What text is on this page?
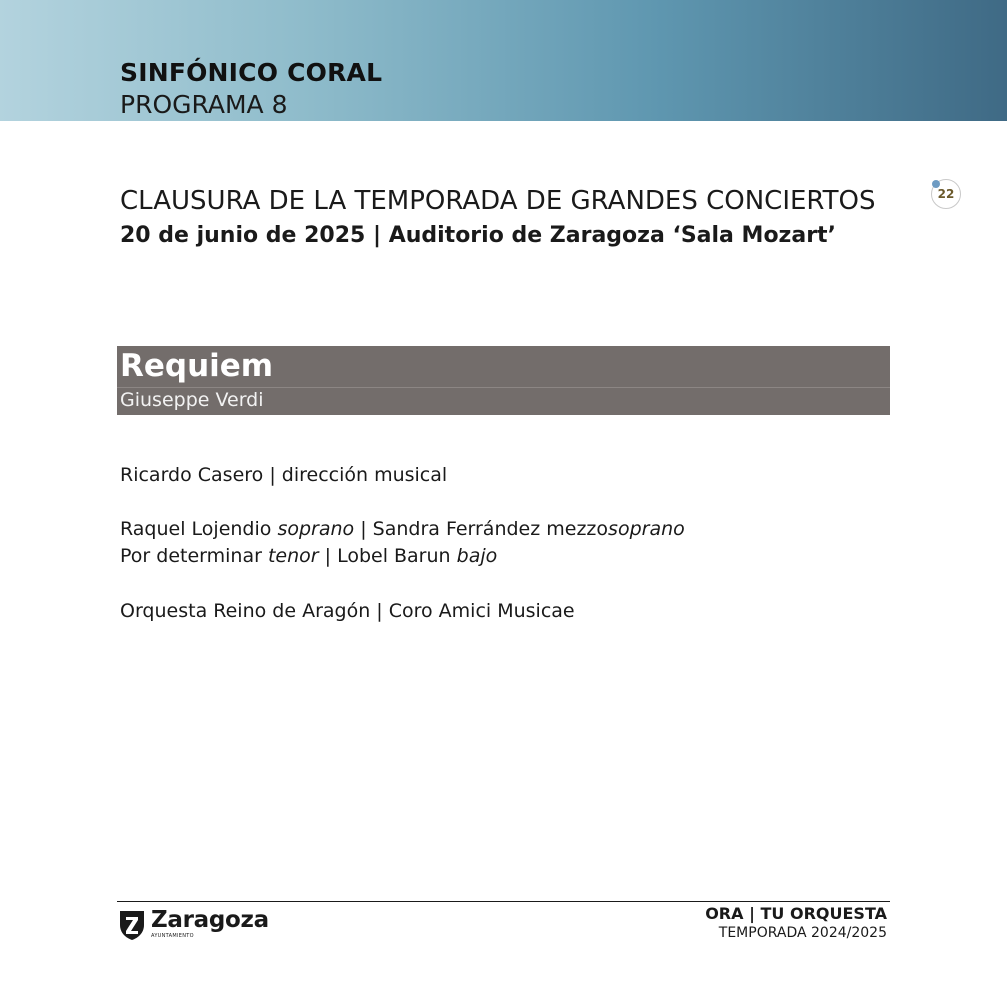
SINFÓNICO CORAL
PROGRAMA 8
22
CLAUSURA DE LA TEMPORADA DE GRANDES CONCIERTOS
20 de junio de 2025 | Auditorio de Zaragoza ‘Sala Mozart’
Requiem
Giuseppe Verdi
Ricardo Casero | dirección musical
Raquel Lojendio soprano | Sandra Ferrández mezzosoprano
Por determinar tenor | Lobel Barun bajo
Orquesta Reino de Aragón | Coro Amici Musicae
Zaragoza
AYUNTAMIENTO
ORA | TU ORQUESTA
TEMPORADA 2024/2025
